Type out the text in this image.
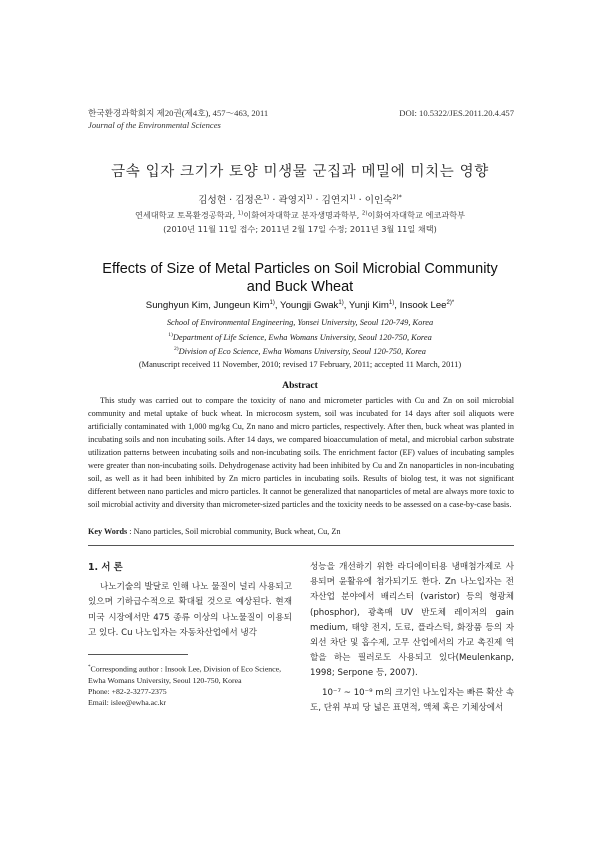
한국환경과학회지 제20권(제4호), 457～463, 2011
Journal of the Environmental Sciences
DOI: 10.5322/JES.2011.20.4.457
금속 입자 크기가 토양 미생물 군집과 메밀에 미치는 영향
김성현 · 김정은$^{1)}$ · 곽영지$^{1)}$ · 김연지$^{1)}$ · 이인숙$^{2)*}$
연세대학교 토목환경공학과, $^{1)}$이화여자대학교 분자생명과학부, $^{2)}$이화여자대학교 에코과학부
(2010년 11월 11일 접수; 2011년 2월 17일 수정; 2011년 3월 11일 채택)
Effects of Size of Metal Particles on Soil Microbial Community and Buck Wheat
Sunghyun Kim, Jungeun Kim$^{1)}$, Youngji Gwak$^{1)}$, Yunji Kim$^{1)}$, Insook Lee$^{2)*}$
School of Environmental Engineering, Yonsei University, Seoul 120-749, Korea
$^{1)}$Department of Life Science, Ewha Womans University, Seoul 120-750, Korea
$^{2)}$Division of Eco Science, Ewha Womans University, Seoul 120-750, Korea
(Manuscript received 11 November, 2010; revised 17 February, 2011; accepted 11 March, 2011)
Abstract
This study was carried out to compare the toxicity of nano and micrometer particles with Cu and Zn on soil microbial community and metal uptake of buck wheat. In microcosm system, soil was incubated for 14 days after soil aliquots were artificially contaminated with 1,000 mg/kg Cu, Zn nano and micro particles, respectively. After then, buck wheat was planted in incubating soils and non incubating soils. After 14 days, we compared bioaccumulation of metal, and microbial carbon substrate utilization patterns between incubating soils and non-incubating soils. The enrichment factor (EF) values of incubating samples were greater than non-incubating soils. Dehydrogenase activity had been inhibited by Cu and Zn nanoparticles in non-incubating soil, as well as it had been inhibited by Zn micro particles in incubating soils. Results of biolog test, it was not significant different between nano particles and micro particles. It cannot be generalized that nanoparticles of metal are always more toxic to soil microbial activity and diversity than micrometer-sized particles and the toxicity needs to be assessed on a case-by-case basis.
Key Words : Nano particles, Soil microbial community, Buck wheat, Cu, Zn
1. 서 론
나노기술의 발달로 인해 나노 물질이 널리 사용되고 있으며 기하급수적으로 확대될 것으로 예상된다. 현재 미국 시장에서만 475 종류 이상의 나노물질이 이용되고 있다. Cu 나노입자는 자동차산업에서 냉각
*Corresponding author : Insook Lee, Division of Eco Science, Ewha Womans University, Seoul 120-750, Korea
Phone: +82-2-3277-2375
Email: islee@ewha.ac.kr
성능을 개선하기 위한 라디에이터용 냉매첨가제로 사용되며 윤활유에 첨가되기도 한다. Zn 나노입자는 전자산업 분야에서 배리스터 (varistor) 등의 형광체 (phosphor), 광촉매 UV 반도체 레이저의 gain medium, 태양 전지, 도료, 플라스틱, 화장품 등의 자외선 차단 및 흡수제, 고무 산업에서의 가교 촉진제 역할을 하는 필러로도 사용되고 있다(Meulenkanp, 1998; Serpone 등, 2007).
10⁻⁷ ~ 10⁻⁹ m의 크기인 나노입자는 빠른 확산 속도, 단위 부피 당 넓은 표면적, 액체 혹은 기체상에서
